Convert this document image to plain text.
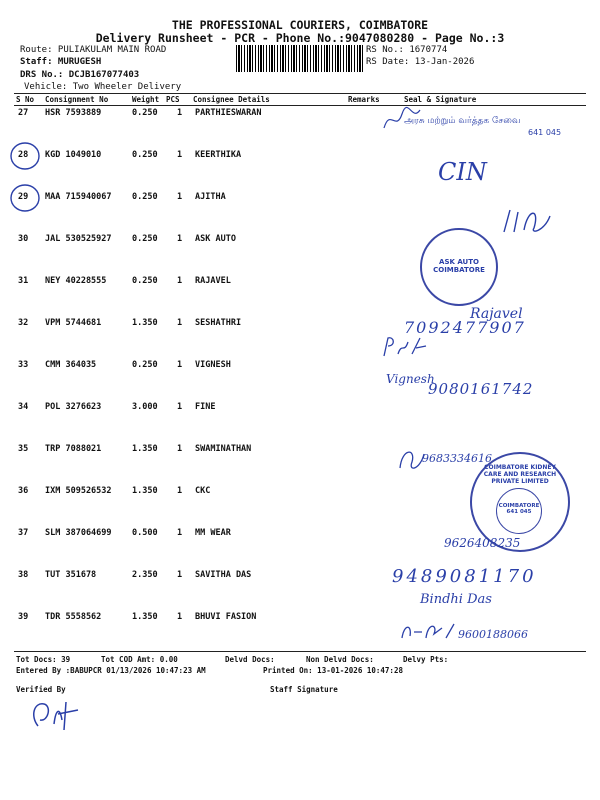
THE PROFESSIONAL COURIERS, COIMBATORE
Delivery Runsheet - PCR - Phone No.:9047080280 - Page No.:3
Route: PULIAKULAM MAIN ROAD
Staff: MURUGESH
DRS No.: DCJB167077403
Vehicle: Two Wheeler Delivery
RS No.: 1670774
RS Date: 13-Jan-2026
S No Consignment No	Weight PCS Consignee Details	Remarks	Seal & Signature
27 HSR 7593889	0.250 1 PARTHIESWARAN
28 KGD 1049010	0.250 1 KEERTHIKA
29 MAA 715940067 0.250 1 AJITHA
30 JAL 530525927 0.250 1 ASK AUTO
31 NEY 40228555	0.250 1 RAJAVEL
32 VPM 5744681	1.350 1 SESHATHRI
33 CMM 364035	0.250 1 VIGNESH
34 POL 3276623	3.000 1 FINE
35 TRP 7088021	1.350 1 SWAMINATHAN
36 IXM 509526532 1.350 1 CKC
37 SLM 387064699 0.500 1 MM WEAR
38 TUT 351678	2.350 1 SAVITHA DAS
39 TDR 5558562	1.350 1 BHUVI FASION
அரசு மற்றும் வர்த்தக சேவை
641 045
CIN
ASK AUTO COIMBATORE
Rajavel
7092477907
Vignesh
9080161742
9683334616
COIMBATORE KIDNEY CARE AND RESEARCH PRIVATE LIMITED
COIMBATORE 641 045
9626408235
9489081170
Bindhi Das
9600188066
Tot Docs: 39	Tot COD Amt: 0.00	Delvd Docs:	Non Delvd Docs:	Delvy Pts:
Entered By :BABUPCR 01/13/2026 10:47:23 AM	Printed On: 13-01-2026 10:47:28
Verified By	Staff Signature
